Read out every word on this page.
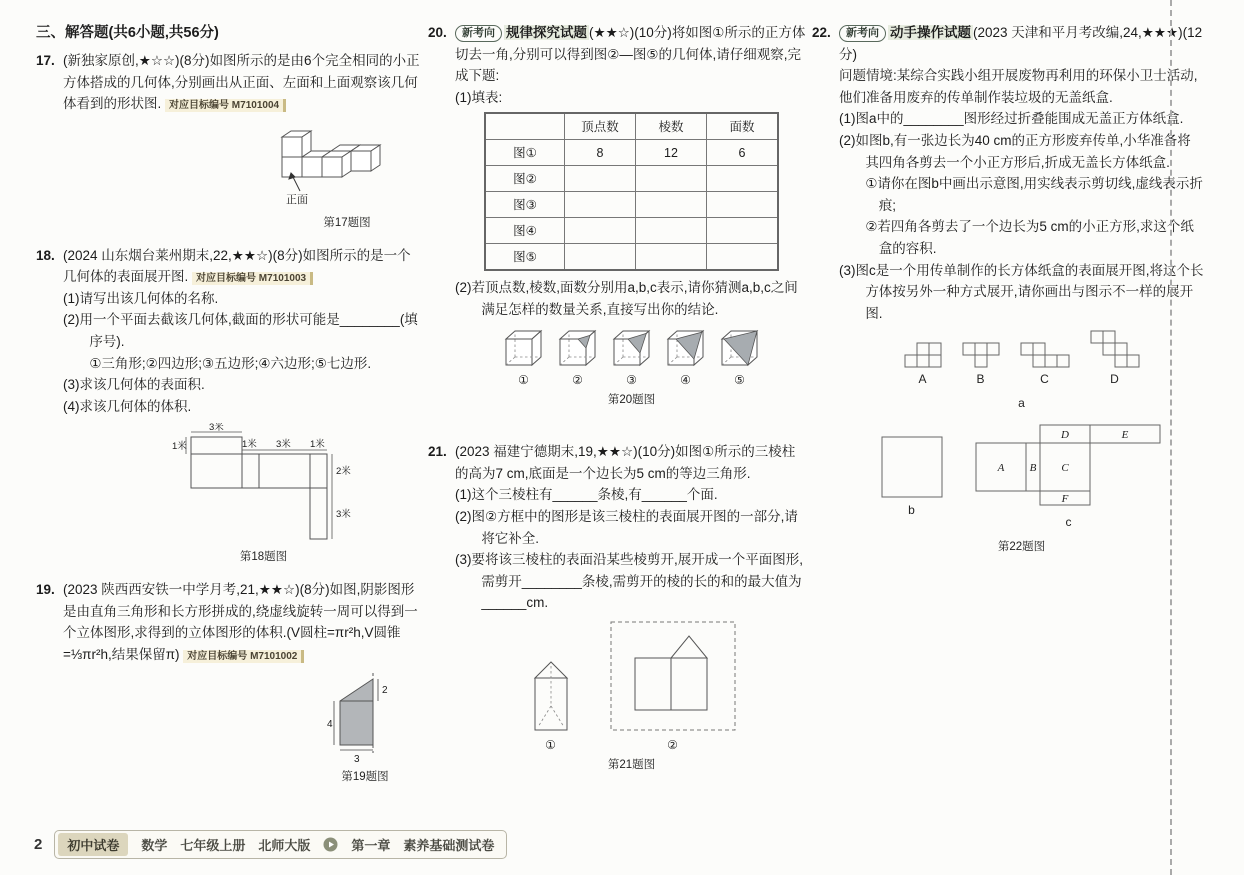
三、解答题(共6小题,共56分)
17. (新独家原创,★☆☆)(8分)如图所示的是由6个完全相同的小正方体搭成的几何体,分别画出从正面、左面和上面观察该几何体看到的形状图. 对应目标编号 M7101004
正面
第17题图
18. (2024 山东烟台莱州期末,22,★★☆)(8分)如图所示的是一个几何体的表面展开图. 对应目标编号 M7101003
(1)请写出该几何体的名称.
(2)用一个平面去截该几何体,截面的形状可能是________(填序号).
①三角形;②四边形;③五边形;④六边形;⑤七边形.
(3)求该几何体的表面积.
(4)求该几何体的体积.
3米
1米	1米 3米 1米
2米
3米
第18题图
19. (2023 陕西西安铁一中学月考,21,★★☆)(8分)如图,阴影图形是由直角三角形和长方形拼成的,绕虚线旋转一周可以得到一个立体图形,求得到的立体图形的体积.(V圆柱=πr²h,V圆锥=⅓πr²h,结果保留π) 对应目标编号 M7101002
2
4
3
第19题图
20.	新考向 规律探究试题 (★★☆)(10分)将如图①所示的正方体切去一角,分别可以得到图②—图⑤的几何体,请仔细观察,完成下题:
(1)填表:
	顶点数	棱数	面数
图①	8	12	6
图②			
图③			
图④			
图⑤			
(2)若顶点数,棱数,面数分别用a,b,c表示,请你猜测a,b,c之间满足怎样的数量关系,直接写出你的结论.
①	②	③	④	⑤
第20题图
21. (2023 福建宁德期末,19,★★☆)(10分)如图①所示的三棱柱的高为7 cm,底面是一个边长为5 cm的等边三角形.
(1)这个三棱柱有______条棱,有______个面.
(2)图②方框中的图形是该三棱柱的表面展开图的一部分,请将它补全.
(3)要将该三棱柱的表面沿某些棱剪开,展开成一个平面图形,需剪开________条棱,需剪开的棱的长的和的最大值为______cm.
①	②
第21题图
22.	新考向 动手操作试题 (2023 天津和平月考改编,24,★★★)(12分)
问题情境:某综合实践小组开展废物再利用的环保小卫士活动,他们准备用废弃的传单制作装垃圾的无盖纸盒.
(1)图a中的________图形经过折叠能围成无盖正方体纸盒.
(2)如图b,有一张边长为40 cm的正方形废弃传单,小华准备将其四角各剪去一个小正方形后,折成无盖长方体纸盒.
①请你在图b中画出示意图,用实线表示剪切线,虚线表示折痕;
②若四角各剪去了一个边长为5 cm的小正方形,求这个纸盒的容积.
(3)图c是一个用传单制作的长方体纸盒的表面展开图,将这个长方体按另外一种方式展开,请你画出与图示不一样的展开图.
A	B	C	D
a
b
A B C
D	E
F
c
第22题图
2	初中试卷	数学 七年级上册 北师大版	第一章 素养基础测试卷
